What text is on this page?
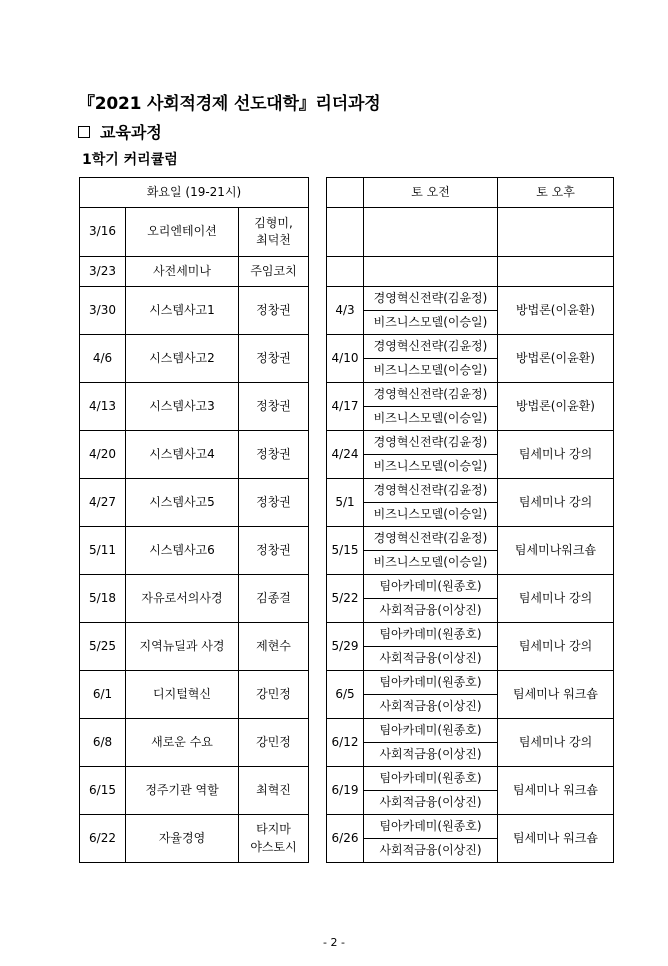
『2021 사회적경제 선도대학』리더과정
교육과정
1학기 커리큘럼
화요일 (19-21시)		
3/16	오리엔테이션	김형미,
최덕천
3/23	사전세미나	주임코치
3/30	시스템사고1	정창권
4/6	시스템사고2	정창권
4/13	시스템사고3	정창권
4/20	시스템사고4	정창권
4/27	시스템사고5	정창권
5/11	시스템사고6	정창권
5/18	자유로서의사경	김종걸
5/25	지역뉴딜과 사경	제현수
6/1	디지털혁신	강민정
6/8	새로운 수요	강민정
6/15	정주기관 역할	최혁진
6/22	자율경영	타지마
야스토시
	토 오전	토 오후

4/3	경영혁신전략(김윤정)	방법론(이윤환)
	비즈니스모델(이승일)	
4/10	경영혁신전략(김윤정)	방법론(이윤환)
	비즈니스모델(이승일)	
4/17	경영혁신전략(김윤정)	방법론(이윤환)
	비즈니스모델(이승일)	
4/24	경영혁신전략(김윤정)	팀세미나 강의
	비즈니스모델(이승일)	
5/1	경영혁신전략(김윤정)	팀세미나 강의
	비즈니스모델(이승일)	
5/15	경영혁신전략(김윤정)	팀세미나워크숍
	비즈니스모델(이승일)	
5/22	팀아카데미(원종호)	팀세미나 강의
	사회적금융(이상진)	
5/29	팀아카데미(원종호)	팀세미나 강의
	사회적금융(이상진)	
6/5	팀아카데미(원종호)	팀세미나 워크숍
	사회적금융(이상진)	
6/12	팀아카데미(원종호)	팀세미나 강의
	사회적금융(이상진)	
6/19	팀아카데미(원종호)	팀세미나 워크숍
	사회적금융(이상진)	
6/26	팀아카데미(원종호)	팀세미나 워크숍
	사회적금융(이상진)	
- 2 -
